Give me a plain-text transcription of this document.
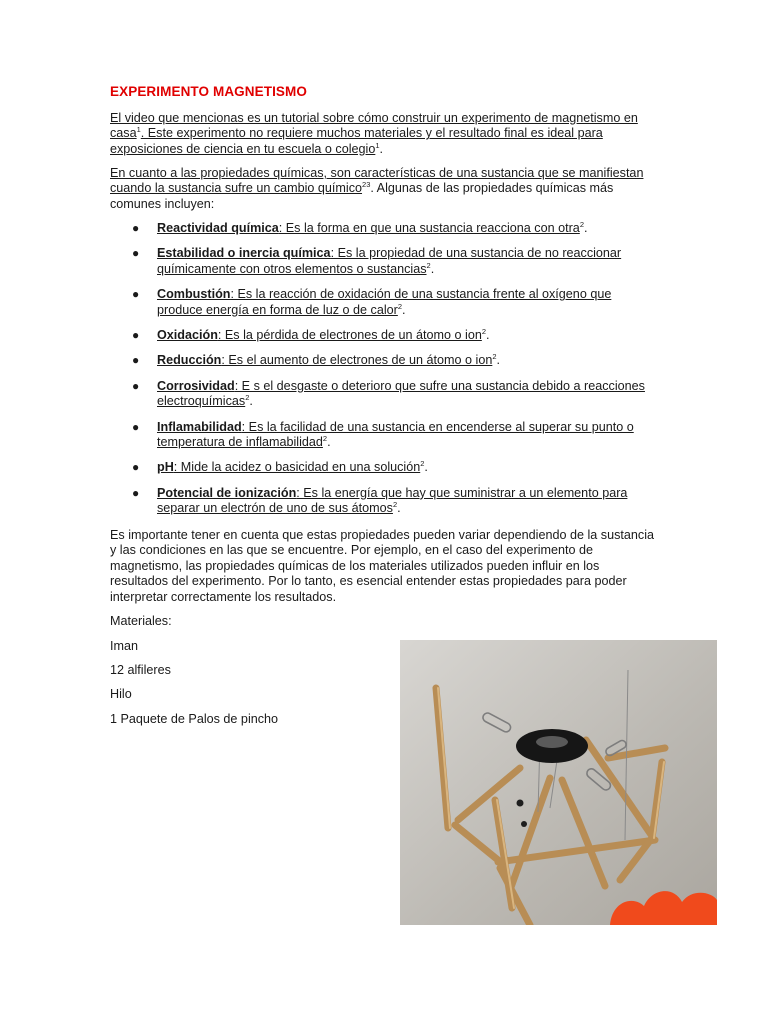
EXPERIMENTO MAGNETISMO

El video que mencionas es un tutorial sobre cómo construir un experimento de magnetismo en casa$^1$. Este experimento no requiere muchos materiales y el resultado final es ideal para exposiciones de ciencia en tu escuela o colegio$^1$.

En cuanto a las propiedades químicas, son características de una sustancia que se manifiestan cuando la sustancia sufre un cambio químico$^{23}$. Algunas de las propiedades químicas más comunes incluyen:

● Reactividad química: Es la forma en que una sustancia reacciona con otra$^2$.
● Estabilidad o inercia química: Es la propiedad de una sustancia de no reaccionar químicamente con otros elementos o sustancias$^2$.
● Combustión: Es la reacción de oxidación de una sustancia frente al oxígeno que produce energía en forma de luz o de calor$^2$.
● Oxidación: Es la pérdida de electrones de un átomo o ion$^2$.
● Reducción: Es el aumento de electrones de un átomo o ion$^2$.
● Corrosividad: E s el desgaste o deterioro que sufre una sustancia debido a reacciones electroquímicas$^2$.
● Inflamabilidad: Es la facilidad de una sustancia en encenderse al superar su punto o temperatura de inflamabilidad$^2$.
● pH: Mide la acidez o basicidad en una solución$^2$.
● Potencial de ionización: Es la energía que hay que suministrar a un elemento para separar un electrón de uno de sus átomos$^2$.

Es importante tener en cuenta que estas propiedades pueden variar dependiendo de la sustancia y las condiciones en las que se encuentre. Por ejemplo, en el caso del experimento de magnetismo, las propiedades químicas de los materiales utilizados pueden influir en los resultados del experimento. Por lo tanto, es esencial entender estas propiedades para poder interpretar correctamente los resultados.

Materiales:

Iman

12 alfileres

Hilo

1 Paquete de Palos de pincho
